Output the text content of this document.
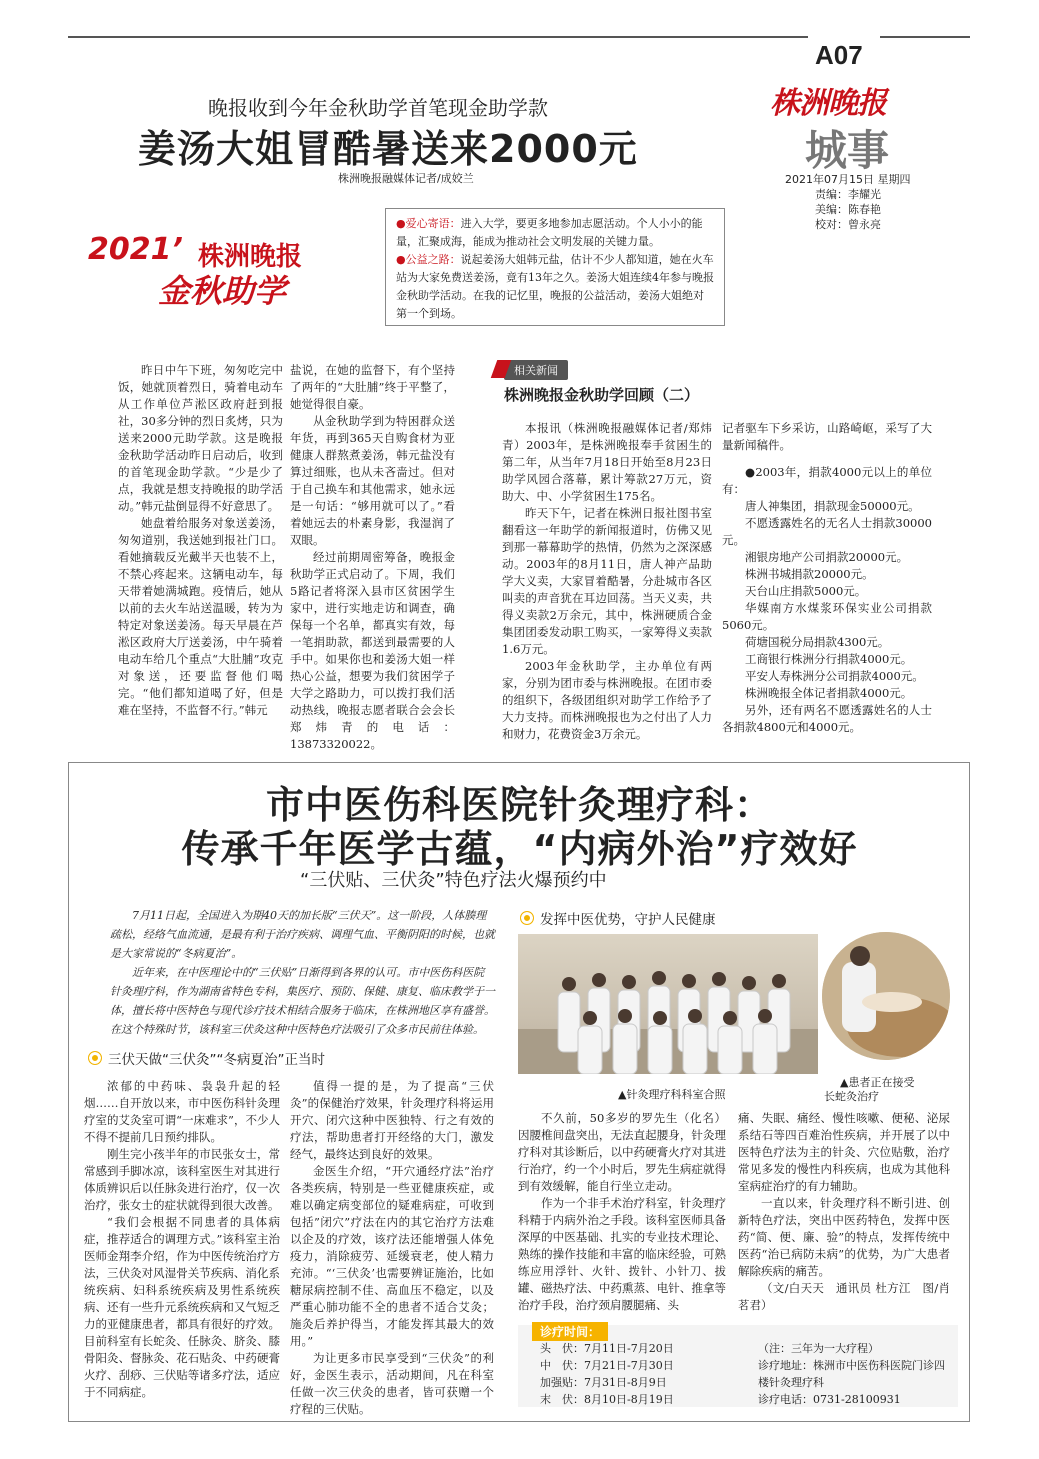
A07
株洲晚报
城事
2021年07月15日 星期四
责编：李耀光
美编：陈春艳
校对：曾永亮
晚报收到今年金秋助学首笔现金助学款
姜汤大姐冒酷暑送来2000元
株洲晚报融媒体记者/成姣兰
2021’ 株洲晚报
金秋助学
●爱心寄语：进入大学，要更多地参加志愿活动。个人小小的能量，汇聚成海，能成为推动社会文明发展的关键力量。
●公益之路：说起姜汤大姐韩元盐，估计不少人都知道，她在火车站为大家免费送姜汤，竟有13年之久。姜汤大姐连续4年参与晚报金秋助学活动。在我的记忆里，晚报的公益活动，姜汤大姐绝对第一个到场。

昨日中午下班，匆匆吃完中饭，她就顶着烈日，骑着电动车从工作单位芦淞区政府赶到报社，30多分钟的烈日炙烤，只为送来2000元助学款。这是晚报金秋助学活动昨日启动后，收到的首笔现金助学款。“少是少了点，我就是想支持晚报的助学活动。”韩元盐倒显得不好意思了。

她盘着给服务对象送姜汤，匆匆道别，我送她到报社门口。看她摘载反光戴半天也装不上，不禁心疼起来。这辆电动车，每天带着她满城跑。疫情后，她从以前的去火车站送温暖，转为为特定对象送姜汤。每天早晨在芦淞区政府大厅送姜汤，中午骑着电动车给几个重点“大肚脯”攻克对象送，还要监督他们喝完。“他们都知道喝了好，但是难在坚持，不监督不行。”韩元

盐说，在她的监督下，有个坚持了两年的“大肚脯”终于平整了，她觉得很自豪。

从金秋助学到为特困群众送年货，再到365天自购食材为亚健康人群熬煮姜汤，韩元盐没有算过细账，也从未吝啬过。但对于自己换车和其他需求，她永远是一句话：“够用就可以了。”看着她远去的朴素身影，我湿润了双眼。

经过前期周密筹备，晚报金秋助学正式启动了。下周，我们5路记者将深入县市区贫困学生家中，进行实地走访和调查，确保每一个名单，都真实有效，每一笔捐助款，都送到最需要的人手中。如果你也和姜汤大姐一样热心公益，想要为我们贫困学子大学之路助力，可以拨打我们活动热线，晚报志愿者联合会会长郑炜青的电话：13873320022。

相关新闻
株洲晚报金秋助学回顾（二）

本报讯（株洲晚报融媒体记者/郑炜青）2003年，是株洲晚报奉手贫困生的第二年，从当年7月18日开始至8月23日助学风园合落幕，累计筹款27万元，资助大、中、小学贫困生175名。

昨天下午，记者在株洲日报社图书室翻看这一年助学的新闻报道时，仿佛又见到那一幕幕助学的热情，仍然为之深深感动。2003年的8月11日，唐人神产品助学大义卖，大家冒着酷暑，分赴城市各区叫卖的声音犹在耳边回荡。当天义卖，共得义卖款2万余元，其中，株洲硬质合金集团团委发动职工购买，一家筹得义卖款1.6万元。

2003年金秋助学，主办单位有两家，分别为团市委与株洲晚报。在团市委的组织下，各级团组织对助学工作给予了大力支持。而株洲晚报也为之付出了人力和财力，花费资金3万余元。

记者驱车下乡采访，山路崎岖，采写了大量新闻稿件。

●2003年，捐款4000元以上的单位有：

唐人神集团，捐款现金50000元。

不愿透露姓名的无名人士捐款30000元。

湘银房地产公司捐款20000元。

株洲书城捐款20000元。

天台山庄捐款5000元。

华媒南方水煤浆环保实业公司捐款5060元。

荷塘国税分局捐款4300元。

工商银行株洲分行捐款4000元。

平安人寿株洲分公司捐款4000元。

株洲晚报全体记者捐款4000元。

另外，还有两名不愿透露姓名的人士各捐款4800元和4000元。

市中医伤科医院针灸理疗科：
传承千年医学古蕴，“内病外治”疗效好
“三伏贴、三伏灸”特色疗法火爆预约中

7月11日起，全国进入为期40天的加长版“三伏天”。这一阶段，人体腠理疏松，经络气血流通，是最有利于治疗疾病、调理气血、平衡阴阳的时候，也就是大家常说的“冬病夏治”。

近年来，在中医理论中的“三伏贴”日渐得到各界的认可。市中医伤科医院针灸理疗科，作为湖南省特色专科，集医疗、预防、保健、康复、临床教学于一体，擅长将中医特色与现代诊疗技术相结合服务于临床，在株洲地区享有盛誉。在这个特殊时节，该科室三伏灸这种中医特色疗法吸引了众多市民前往体验。

三伏天做“三伏灸”“冬病夏治”正当时
发挥中医优势，守护人民健康
▲针灸理疗科科室合照
▲患者正在接受
长蛇灸治疗

浓郁的中药味、袅袅升起的轻烟……自开放以来，市中医伤科针灸理疗室的艾灸室可谓“一床难求”，不少人不得不提前几日预约排队。

刚生完小孩半年的市民张女士，常常感到手脚冰凉，该科室医生对其进行体质辨识后以任脉灸进行治疗，仅一次治疗，张女士的症状就得到很大改善。

“我们会根据不同患者的具体病症，推荐适合的调理方式。”该科室主治医师金翔李介绍，作为中医传统治疗方法，三伏灸对风湿骨关节疾病、消化系统疾病、妇科系统疾病及男性系统疾病、还有一些升元系统疾病和又气短乏力的亚健康患者，都具有很好的疗效。目前科室有长蛇灸、任脉灸、脐灸、膝骨阳灸、督脉灸、花石贴灸、中药硬膏火疗、刮痧、三伏贴等诸多疗法，适应于不同病症。

值得一提的是，为了提高“三伏灸”的保健治疗效果，针灸理疗科将运用开穴、闭穴这种中医独特、行之有效的疗法，帮助患者打开经络的大门，激发经气，最终达到良好的效果。

金医生介绍，“开穴通经疗法”治疗各类疾病，特别是一些亚健康疾症，或难以确定病变部位的疑难病症，可收到包括”闭穴”疗法在内的其它治疗方法难以企及的疗效，该疗法还能增强人体免疫力，消除疲劳、延缓衰老，使人精力充沛。“‘三伏灸’也需要辨证施治，比如糖尿病控制不佳、高血压不稳定，以及严重心肺功能不全的患者不适合艾灸；施灸后养护得当，才能发挥其最大的效用。”

为让更多市民享受到“三伏灸”的利好，金医生表示，活动期间，凡在科室任做一次三伏灸的患者，皆可获赠一个疗程的三伏贴。

不久前，50多岁的罗先生（化名）因腰椎间盘突出，无法直起腰身，针灸理疗科对其诊断后，以中药硬膏火疗对其进行治疗，约一个小时后，罗先生病症就得到有效缓解，能自行坐立走动。

作为一个非手术治疗科室，针灸理疗科精于内病外治之手段。该科室医师具备深厚的中医基础、扎实的专业技术理论、熟练的操作技能和丰富的临床经验，可熟练应用浮针、火针、拨针、小针刀、拔罐、磁热疗法、中药熏蒸、电针、推拿等治疗手段，治疗颈肩腰腿痛、头

痛、失眠、痛经、慢性咳嗽、便秘、泌尿系结石等四百难治性疾病，并开展了以中医特色疗法为主的针灸、穴位贴敷，治疗常见多发的慢性内科疾病，也成为其他科室病症治疗的有力辅助。

一直以来，针灸理疗科不断引进、创新特色疗法，突出中医药特色，发挥中医药“简、便、廉、验”的特点，发挥传统中医药“治已病防未病”的优势，为广大患者解除疾病的痛苦。

（文/白天天　通讯员 杜方江　图/肖茗君）

诊疗时间：
头　伏：7月11日-7月20日
中　伏：7月21日-7月30日
加强贴：7月31日-8月9日
末　伏：8月10日-8月19日
（注：三年为一大疗程）
诊疗地址：株洲市中医伤科医院门诊四楼针灸理疗科
诊疗电话：0731-28100931
